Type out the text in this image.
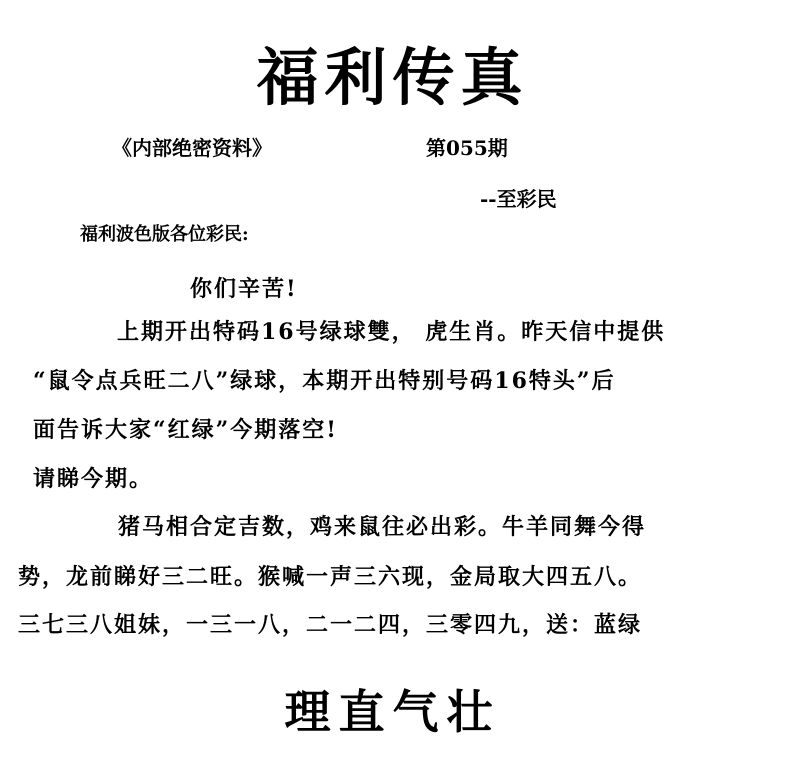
福利传真
《内部绝密资料》	第055期
--至彩民
福利波色版各位彩民:
你们辛苦!
上期开出特码16号绿球雙， 虎生肖。昨天信中提供
“鼠令点兵旺二八”绿球，本期开出特别号码16特头”后
面告诉大家“红绿”今期落空!
请睇今期。
猪马相合定吉数，鸡来鼠往必出彩。牛羊同舞今得
势，龙前睇好三二旺。猴喊一声三六现，金局取大四五八。
三七三八姐妹，一三一八，二一二四，三零四九，送：蓝绿
理直气壮
